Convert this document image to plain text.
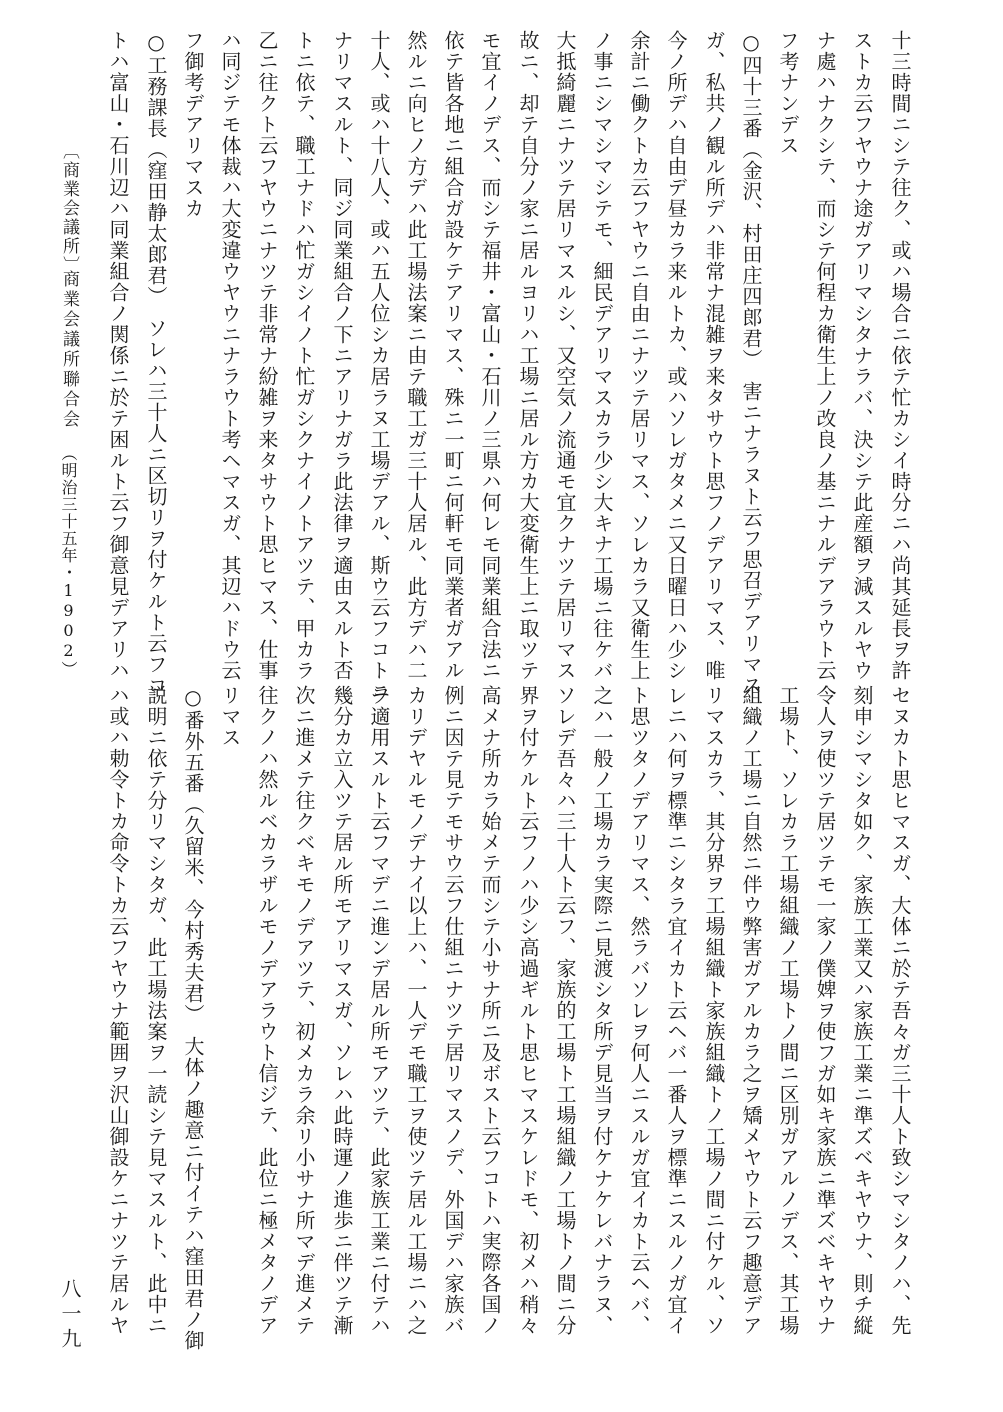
十三時間ニシテ往ク、或ハ場合ニ依テ忙カシイ時分ニハ尚其延長ヲ許
ストカ云フヤウナ途ガアリマシタナラバ、決シテ此産額ヲ減スルヤウ
ナ處ハナクシテ、而シテ何程カ衛生上ノ改良ノ基ニナルデアラウト云
フ考ナンデス
○四十三番（金沢、村田庄四郎君）　害ニナラヌト云フ思召デアリマス
ガ、私共ノ観ル所デハ非常ナ混雑ヲ来タサウト思フノデアリマス、唯
今ノ所デハ自由デ昼カラ来ルトカ、或ハソレガタメニ又日曜日ハ少シ
余計ニ働クトカ云フヤウニ自由ニナツテ居リマス、ソレカラ又衛生上
ノ事ニシマシマシテモ、細民デアリマスカラ少シ大キナ工場ニ往ケバ
大抵綺麗ニナツテ居リマスルシ、又空気ノ流通モ宜クナツテ居リマス
故ニ、却テ自分ノ家ニ居ルヨリハ工場ニ居ル方カ大変衛生上ニ取ツテ
モ宜イノデス、而シテ福井・富山・石川ノ三県ハ何レモ同業組合法ニ
依テ皆各地ニ組合ガ設ケテアリマス、殊ニ一町ニ何軒モ同業者ガアル
然ルニ向ヒノ方デハ此工場法案ニ由テ職工ガ三十人居ル、此方デハ二
十人、或ハ十八人、或ハ五人位シカ居ラヌ工場デアル、斯ウ云フコトニ
ナリマスルト、同ジ同業組合ノ下ニアリナガラ此法律ヲ適由スルト否
トニ依テ、職工ナドハ忙ガシイノト忙ガシクナイノトアツテ、甲カラ
乙ニ往クト云フヤウニナツテ非常ナ紛雑ヲ来タサウト思ヒマス、仕事
ハ同ジテモ体裁ハ大変違ウヤウニナラウト考ヘマスガ、其辺ハドウ云
フ御考デアリマスカ
○工務課長（窪田静太郎君）　ソレハ三十人ニ区切リヲ付ケルト云フコ
トハ富山・石川辺ハ同業組合ノ関係ニ於テ困ルト云フ御意見デアリハ
セヌカト思ヒマスガ、大体ニ於テ吾々ガ三十人ト致シマシタノハ、先
刻申シマシタ如ク、家族工業又ハ家族工業ニ準ズベキヤウナ、則チ縦
令人ヲ使ツテ居ツテモ一家ノ僕婢ヲ使フガ如キ家族ニ準ズベキヤウナ
工場ト、ソレカラ工場組織ノ工場トノ間ニ区別ガアルノデス、其工場
組織ノ工場ニ自然ニ伴ウ弊害ガアルカラ之ヲ矯メヤウト云フ趣意デア
リマスカラ、其分界ヲ工場組織ト家族組織トノ工場ノ間ニ付ケル、ソ
レニハ何ヲ標準ニシタラ宜イカト云ヘバ一番人ヲ標準ニスルノガ宜イ
ト思ツタノデアリマス、然ラバソレヲ何人ニスルガ宜イカト云ヘバ、
之ハ一般ノ工場カラ実際ニ見渡シタ所デ見当ヲ付ケナケレバナラヌ、
ソレデ吾々ハ三十人ト云フ、家族的工場ト工場組織ノ工場トノ間ニ分
界ヲ付ケルト云フノハ少シ高過ギルト思ヒマスケレドモ、初メハ稍々
高メナ所カラ始メテ而シテ小サナ所ニ及ボスト云フコトハ実際各国ノ
例ニ因テ見テモサウ云フ仕組ニナツテ居リマスノデ、外国デハ家族バ
カリデヤルモノデナイ以上ハ、一人デモ職工ヲ使ツテ居ル工場ニハ之
ヲ適用スルト云フマデニ進ンデ居ル所モアツテ、此家族工業ニ付テハ
幾分カ立入ツテ居ル所モアリマスガ、ソレハ此時運ノ進歩ニ伴ツテ漸
次ニ進メテ往クベキモノデアツテ、初メカラ余リ小サナ所マデ進メテ
往クノハ然ルベカラザルモノデアラウト信ジテ、此位ニ極メタノデア
リマス
○番外五番（久留米、今村秀夫君）　大体ノ趣意ニ付イテハ窪田君ノ御
説明ニ依テ分リマシタガ、此工場法案ヲ一読シテ見マスルト、此中ニ
ハ或ハ勅令トカ命令トカ云フヤウナ範囲ヲ沢山御設ケニナツテ居ルヤ
〔商業会議所〕
商業会議所聯合会
（明治三十五年・1902）
八一九
